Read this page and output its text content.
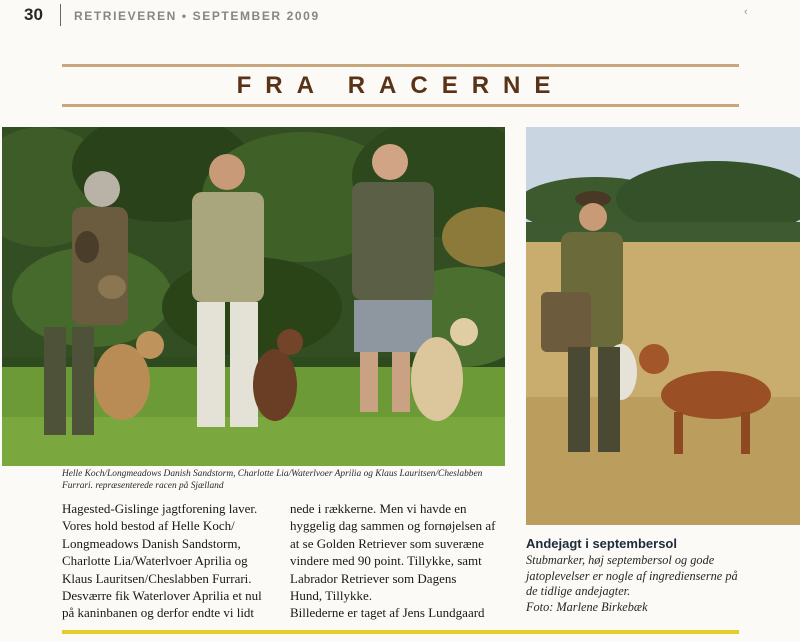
30	RETRIEVEREN • SEPTEMBER 2009	‹
FRA RACERNE
Helle Koch/Longmeadows Danish Sandstorm, Charlotte Lia/Waterlvoer Aprilia og Klaus Lauritsen/Cheslabben Furrari. repræsenterede racen på Sjælland

Hagested-Gislinge jagtforening laver.

Vores hold bestod af Helle Koch/

Longmeadows Danish Sandstorm,

Charlotte Lia/Waterlvoer Aprilia og

Klaus Lauritsen/Cheslabben Furrari.

Desværre fik Waterlover Aprilia et nul

på kaninbanen og derfor endte vi lidt

nede i rækkerne. Men vi havde en

hyggelig dag sammen og fornøjelsen af

at se Golden Retriever som suveræne

vindere med 90 point. Tillykke, samt

Labrador Retriever som Dagens

Hund, Tillykke.

Billederne er taget af Jens Lundgaard

Andejagt i septembersol

Stubmarker, høj septembersol og gode

jatoplevelser er nogle af ingredienserne på

de tidlige andejagter.

Foto: Marlene Birkebæk
